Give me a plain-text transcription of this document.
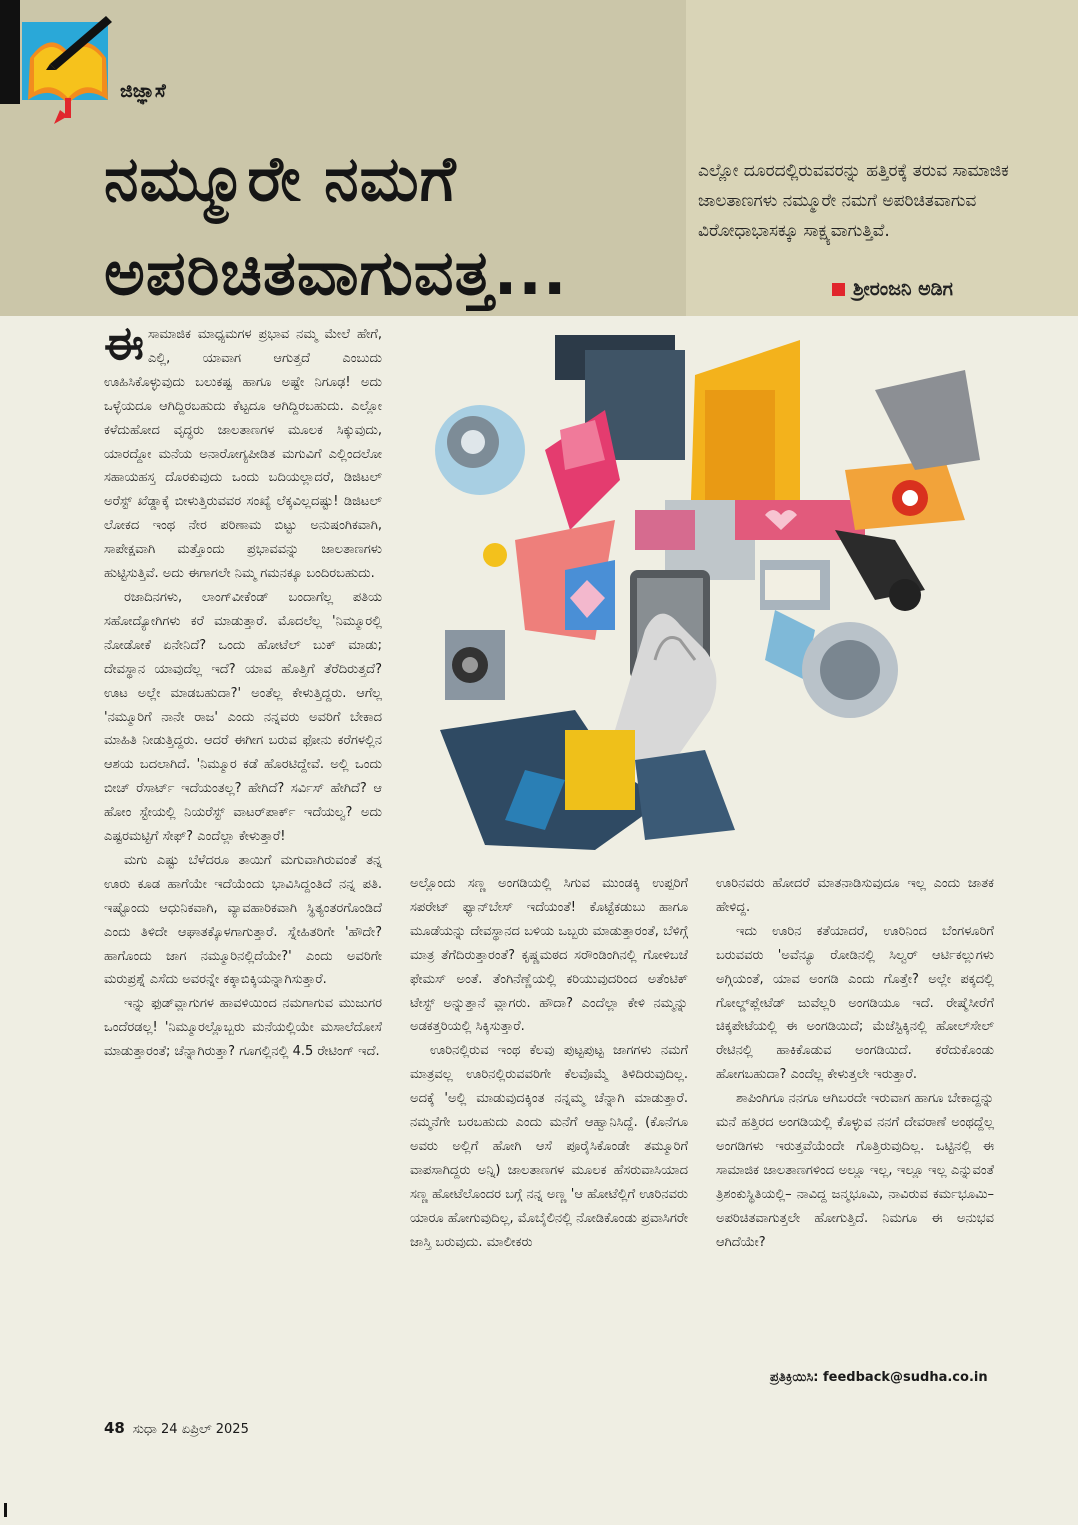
ಜಿಜ್ಞಾಸೆ
ನಮ್ಮೂರೇ ನಮಗೆ
ಅಪರಿಚಿತವಾಗುವತ್ತ...
ಎಲ್ಲೋ ದೂರದಲ್ಲಿರುವವರನ್ನು ಹತ್ತಿರಕ್ಕೆ ತರುವ ಸಾಮಾಜಿಕ ಜಾಲತಾಣಗಳು ನಮ್ಮೂರೇ ನಮಗೆ ಅಪರಿಚಿತವಾಗುವ ವಿರೋಧಾಭಾಸಕ್ಕೂ ಸಾಕ್ಷ್ಯವಾಗುತ್ತಿವೆ.
ಶ್ರೀರಂಜನಿ ಅಡಿಗ

ಈಸಾಮಾಜಿಕ ಮಾಧ್ಯಮಗಳ ಪ್ರಭಾವ ನಮ್ಮ ಮೇಲೆ ಹೇಗೆ, ಎಲ್ಲಿ, ಯಾವಾಗ ಆಗುತ್ತದೆ ಎಂಬುದು ಊಹಿಸಿಕೊಳ್ಳುವುದು ಬಲುಕಷ್ಟ ಹಾಗೂ ಅಷ್ಟೇ ನಿಗೂಢ! ಅದು ಒಳ್ಳೆಯದೂ ಆಗಿದ್ದಿರಬಹುದು ಕೆಟ್ಟದೂ ಆಗಿದ್ದಿರಬಹುದು. ಎಲ್ಲೋ ಕಳೆದುಹೋದ ವೃದ್ಧರು ಜಾಲತಾಣಗಳ ಮೂಲಕ ಸಿಕ್ಕುವುದು, ಯಾರದ್ದೋ ಮನೆಯ ಅನಾರೋಗ್ಯಪೀಡಿತ ಮಗುವಿಗೆ ಎಲ್ಲಿಂದಲೋ ಸಹಾಯಹಸ್ತ ದೊರಕುವುದು ಒಂದು ಬದಿಯಲ್ಲಾದರೆ, ಡಿಜಿಟಲ್ ಅರೆಸ್ಟ್ ಖೆಡ್ಡಾಕ್ಕೆ ಬೀಳುತ್ತಿರುವವರ ಸಂಖ್ಯೆ ಲೆಕ್ಕವಿಲ್ಲದಷ್ಟು! ಡಿಜಿಟಲ್ ಲೋಕದ ಇಂಥ ನೇರ ಪರಿಣಾಮ ಬಿಟ್ಟು ಅನುಷಂಗಿಕವಾಗಿ, ಸಾಪೇಕ್ಷವಾಗಿ ಮತ್ತೊಂದು ಪ್ರಭಾವವನ್ನು ಜಾಲತಾಣಗಳು ಹುಟ್ಟಿಸುತ್ತಿವೆ. ಅದು ಈಗಾಗಲೇ ನಿಮ್ಮ ಗಮನಕ್ಕೂ ಬಂದಿರಬಹುದು.

ರಜಾದಿನಗಳು, ಲಾಂಗ್‌ವೀಕೆಂಡ್ ಬಂದಾಗೆಲ್ಲ ಪತಿಯ ಸಹೋದ್ಯೋಗಿಗಳು ಕರೆ ಮಾಡುತ್ತಾರೆ. ಮೊದಲೆಲ್ಲ 'ನಿಮ್ಮೂರಲ್ಲಿ ನೋಡೋಕೆ ಏನೇನಿದೆ? ಒಂದು ಹೋಟೆಲ್ ಬುಕ್ ಮಾಡು; ದೇವಸ್ಥಾನ ಯಾವುದೆಲ್ಲ ಇದೆ? ಯಾವ ಹೊತ್ತಿಗೆ ತೆರೆದಿರುತ್ತದೆ? ಊಟ ಅಲ್ಲೇ ಮಾಡಬಹುದಾ?' ಅಂತೆಲ್ಲ ಕೇಳುತ್ತಿದ್ದರು. ಆಗೆಲ್ಲ 'ನಮ್ಮೂರಿಗೆ ನಾನೇ ರಾಜ' ಎಂದು ನನ್ನವರು ಅವರಿಗೆ ಬೇಕಾದ ಮಾಹಿತಿ ನೀಡುತ್ತಿದ್ದರು. ಆದರೆ ಈಗೀಗ ಬರುವ ಫೋನು ಕರೆಗಳಲ್ಲಿನ ಆಶಯ ಬದಲಾಗಿದೆ. 'ನಿಮ್ಮೂರ ಕಡೆ ಹೊರಟಿದ್ದೇವೆ. ಅಲ್ಲಿ ಒಂದು ಬೀಚ್ ರೆಸಾರ್ಟ್ ಇದೆಯಂತಲ್ಲ? ಹೇಗಿದೆ? ಸರ್ವಿಸ್ ಹೇಗಿದೆ? ಆ ಹೋಂ ಸ್ಟೇಯಲ್ಲಿ ನಿಯರೆಸ್ಟ್ ವಾಟರ್‌ಪಾರ್ಕ್ ಇದೆಯಲ್ವ? ಅದು ಎಷ್ಟರಮಟ್ಟಿಗೆ ಸೇಫ್? ಎಂದೆಲ್ಲಾ ಕೇಳುತ್ತಾರೆ!

ಮಗು ಎಷ್ಟು ಬೆಳೆದರೂ ತಾಯಿಗೆ ಮಗುವಾಗಿರುವಂತೆ ತನ್ನ ಊರು ಕೂಡ ಹಾಗೆಯೇ ಇದೆಯೆಂದು ಭಾವಿಸಿದ್ದಂತಿದೆ ನನ್ನ ಪತಿ. ಇಷ್ಟೊಂದು ಆಧುನಿಕವಾಗಿ, ವ್ಯಾವಹಾರಿಕವಾಗಿ ಸ್ಥಿತ್ಯಂತರಗೊಂಡಿದೆ ಎಂದು ತಿಳಿದೇ ಆಘಾತಕ್ಕೊಳಗಾಗುತ್ತಾರೆ. ಸ್ನೇಹಿತರಿಗೇ 'ಹೌದೇ? ಹಾಗೊಂದು ಜಾಗ ನಮ್ಮೂರಿನಲ್ಲಿದೆಯೇ?' ಎಂದು ಅವರಿಗೇ ಮರುಪ್ರಶ್ನೆ ಎಸೆದು ಅವರನ್ನೇ ಕಕ್ಕಾಬಿಕ್ಕಿಯನ್ನಾಗಿಸುತ್ತಾರೆ.

ಇನ್ನು ಫುಡ್‌ವ್ಲಾಗುಗಳ ಹಾವಳಿಯಿಂದ ನಮಗಾಗುವ ಮುಜುಗರ ಒಂದೆರಡಲ್ಲ! 'ನಿಮ್ಮೂರಲ್ಲೊಬ್ಬರು ಮನೆಯಲ್ಲಿಯೇ ಮಸಾಲೆದೋಸೆ ಮಾಡುತ್ತಾರಂತೆ; ಚೆನ್ನಾಗಿರುತ್ತಾ? ಗೂಗಲ್ಲಿನಲ್ಲಿ 4.5 ರೇಟಿಂಗ್ ಇದೆ.

ಅಲ್ಲೊಂದು ಸಣ್ಣ ಅಂಗಡಿಯಲ್ಲಿ ಸಿಗುವ ಮುಂಡಕ್ಕಿ ಉಪ್ಪರಿಗೆ ಸಪರೇಟ್ ಫ್ಯಾನ್‌ಬೇಸ್ ಇದೆಯಂತೆ! ಕೊಟ್ಟೆಕಡುಬು ಹಾಗೂ ಮೂಡೆಯನ್ನು ದೇವಸ್ಥಾನದ ಬಳಿಯ ಒಬ್ಬರು ಮಾಡುತ್ತಾರಂತೆ, ಬೆಳಿಗ್ಗೆ ಮಾತ್ರ ತೆಗೆದಿರುತ್ತಾರಂತೆ? ಕೃಷ್ಣಮಠದ ಸರೌಂಡಿಂಗಿನಲ್ಲಿ ಗೋಳಿಬಜೆ ಫೇಮಸ್ ಅಂತೆ. ತೆಂಗಿನೆಣ್ಣೆಯಲ್ಲಿ ಕರಿಯುವುದರಿಂದ ಅತೆಂಟಿಕ್ ಟೇಸ್ಟ್ ಅನ್ನುತ್ತಾನೆ ವ್ಲಾಗರು. ಹೌದಾ? ಎಂದೆಲ್ಲಾ ಕೇಳಿ ನಮ್ಮನ್ನು ಅಡಕತ್ತರಿಯಲ್ಲಿ ಸಿಕ್ಕಿಸುತ್ತಾರೆ.

ಊರಿನಲ್ಲಿರುವ ಇಂಥ ಕೆಲವು ಪುಟ್ಟಪುಟ್ಟ ಜಾಗಗಳು ನಮಗೆ ಮಾತ್ರವಲ್ಲ ಊರಿನಲ್ಲಿರುವವರಿಗೇ ಕೆಲವೊಮ್ಮೆ ತಿಳಿದಿರುವುದಿಲ್ಲ. ಅದಕ್ಕೆ 'ಅಲ್ಲಿ ಮಾಡುವುದಕ್ಕಿಂತ ನನ್ನಮ್ಮ ಚೆನ್ನಾಗಿ ಮಾಡುತ್ತಾರೆ. ನಮ್ಮನೆಗೇ ಬರಬಹುದು ಎಂದು ಮನೆಗೆ ಆಹ್ವಾನಿಸಿದ್ದೆ. (ಕೊನೆಗೂ ಅವರು ಅಲ್ಲಿಗೆ ಹೋಗಿ ಆಸೆ ಪೂರೈಸಿಕೊಂಡೇ ತಮ್ಮೂರಿಗೆ ವಾಪಸಾಗಿದ್ದರು ಅನ್ನಿ) ಜಾಲತಾಣಗಳ ಮೂಲಕ ಹೆಸರುವಾಸಿಯಾದ ಸಣ್ಣ ಹೋಟೆಲೊಂದರ ಬಗ್ಗೆ ನನ್ನ ಅಣ್ಣ 'ಆ ಹೋಟೆಲ್ಲಿಗೆ ಊರಿನವರು ಯಾರೂ ಹೋಗುವುದಿಲ್ಲ, ಮೊಬೈಲಿನಲ್ಲಿ ನೋಡಿಕೊಂಡು ಪ್ರವಾಸಿಗರೇ ಜಾಸ್ತಿ ಬರುವುದು. ಮಾಲೀಕರು

ಊರಿನವರು ಹೋದರೆ ಮಾತನಾಡಿಸುವುದೂ ಇಲ್ಲ ಎಂದು ಜಾತಕ ಹೇಳಿದ್ದ.

ಇದು ಊರಿನ ಕತೆಯಾದರೆ, ಊರಿನಿಂದ ಬೆಂಗಳೂರಿಗೆ ಬರುವವರು 'ಅವೆನ್ಯೂ ರೋಡಿನಲ್ಲಿ ಸಿಲ್ವರ್ ಆರ್ಟಿಕಲ್ಲುಗಳು ಅಗ್ಗಿಯಂತೆ, ಯಾವ ಅಂಗಡಿ ಎಂದು ಗೊತ್ತೇ? ಅಲ್ಲೇ ಪಕ್ಕದಲ್ಲಿ ಗೋಲ್ಡ್‌ಪ್ಲೇಟೆಡ್ ಜುವೆಲ್ಲರಿ ಅಂಗಡಿಯೂ ಇದೆ. ರೇಷ್ಮೆಸೀರೆಗೆ ಚಿಕ್ಕಪೇಟೆಯಲ್ಲಿ ಈ ಅಂಗಡಿಯಿದೆ; ಮೆಜೆಸ್ಟಿಕ್ಕಿನಲ್ಲಿ ಹೋಲ್‌ಸೇಲ್ ರೇಟಿನಲ್ಲಿ ಹಾಕಿಕೊಡುವ ಅಂಗಡಿಯಿದೆ. ಕರೆದುಕೊಂಡು ಹೋಗಬಹುದಾ? ಎಂದೆಲ್ಲ ಕೇಳುತ್ತಲೇ ಇರುತ್ತಾರೆ.

ಶಾಪಿಂಗಿಗೂ ನನಗೂ ಆಗಿಬರದೇ ಇರುವಾಗ ಹಾಗೂ ಬೇಕಾದ್ದನ್ನು ಮನೆ ಹತ್ತಿರದ ಅಂಗಡಿಯಲ್ಲಿ ಕೊಳ್ಳುವ ನನಗೆ ದೇವರಾಣೆ ಅಂಥದ್ದೆಲ್ಲ ಅಂಗಡಿಗಳು ಇರುತ್ತವೆಯೆಂದೇ ಗೊತ್ತಿರುವುದಿಲ್ಲ. ಒಟ್ಟಿನಲ್ಲಿ ಈ ಸಾಮಾಜಿಕ ಜಾಲತಾಣಗಳಿಂದ ಅಲ್ಲೂ ಇಲ್ಲ, ಇಲ್ಲೂ ಇಲ್ಲ ಎನ್ನುವಂತೆ ತ್ರಿಶಂಕುಸ್ಥಿತಿಯಲ್ಲಿ– ನಾವಿದ್ದ ಜನ್ಮಭೂಮಿ, ನಾವಿರುವ ಕರ್ಮಭೂಮಿ– ಅಪರಿಚಿತವಾಗುತ್ತಲೇ ಹೋಗುತ್ತಿದೆ. ನಿಮಗೂ ಈ ಅನುಭವ ಆಗಿದೆಯೇ?

ಪ್ರತಿಕ್ರಿಯಿಸಿ: feedback@sudha.co.in
48 ಸುಧಾ 24 ಏಪ್ರಿಲ್ 2025
